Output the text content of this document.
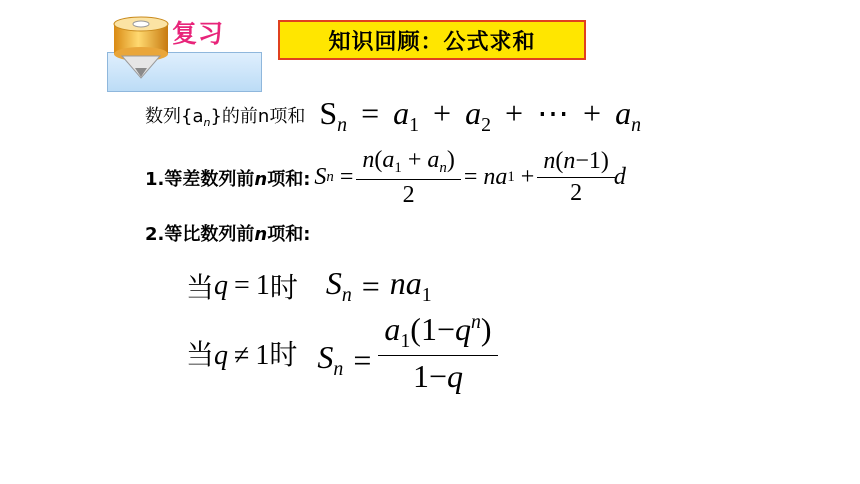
复习	知识回顾：公式求和
数列$\{a_n\}$的前n项和 $S_n = a_1 + a_2$ + ⋯ + $a_n$
1.等差数列前n项和: S $n = \frac{n(a_1 + a_n)}{2} = n$ a $1 + \frac{n(n-1)}{2}$ d
2.等比数列前n项和:
当 q = 1 时 $S_n = na_1$
当q ≠ 1时 $S_n = \frac{a_1(1-q^n)}{1-q}$
